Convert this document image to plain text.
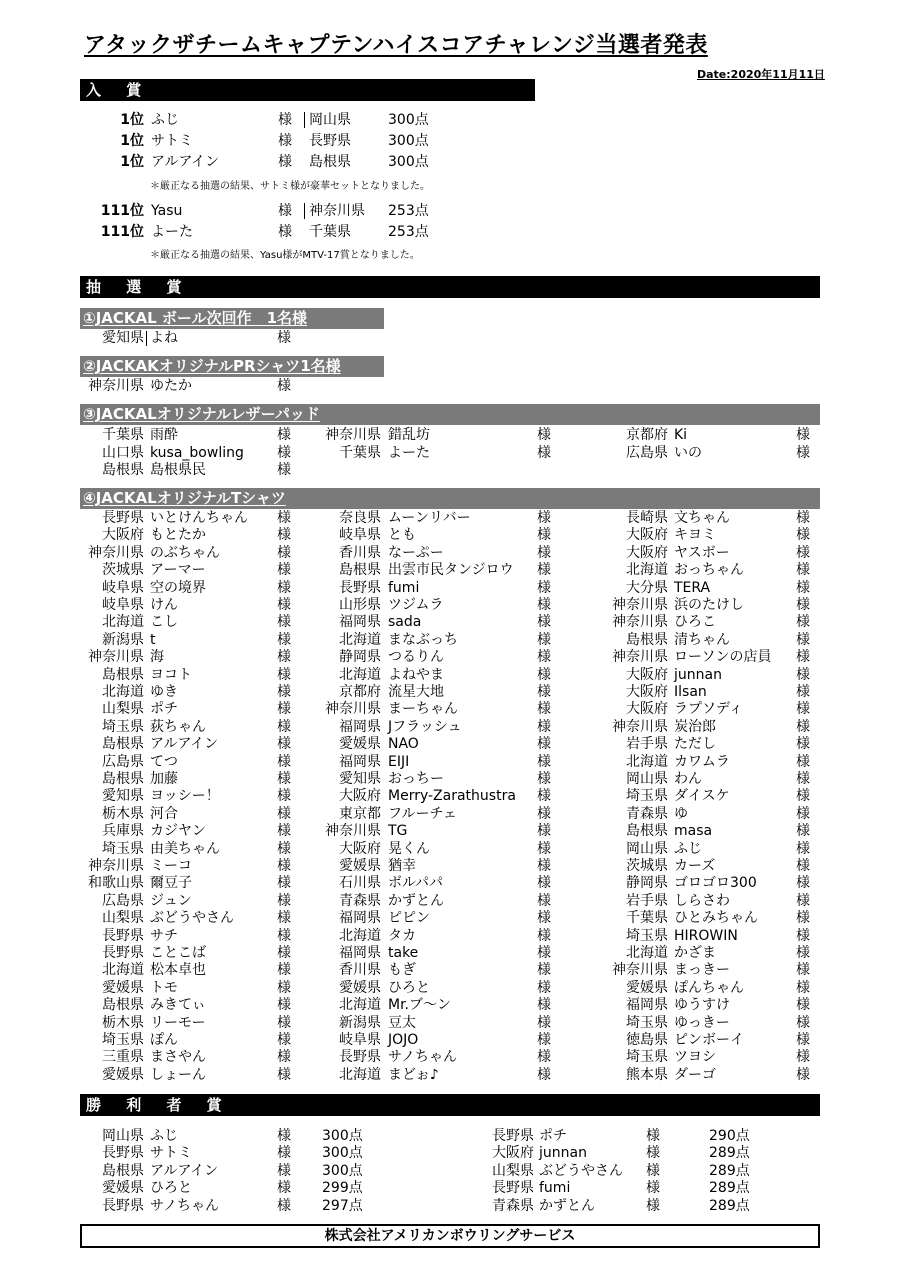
アタックザチームキャプテンハイスコアチャレンジ当選者発表
Date:2020年11月11日
入 賞
1位 ふじ	様 岡山県	300点
1位 サトミ	様 長野県	300点
1位 アルアイン	様 島根県	300点
＊厳正なる抽選の結果、サトミ様が豪華セットとなりました。
111位 Yasu	様 神奈川県 253点
111位 よーた	様 千葉県	253点
＊厳正なる抽選の結果、Yasu様がMTV-17賞となりました。
抽 選 賞
①JACKAL ボール次回作　1名様
愛知県 よね	様
②JACKAKオリジナルPRシャツ1名様
神奈川県 ゆたか	様
③JACKALオリジナルレザーパッド
千葉県 雨酔	様	神奈川県 錯乱坊	様	京都府 Ki	様
山口県 kusa_bowling 様	千葉県 よーた	様	広島県 いの	様
島根県 島根県民	様
④JACKALオリジナルTシャツ
長野県 いとけんちゃん 様	奈良県 ムーンリバー	様	長崎県 文ちゃん	様
大阪府 もとたか	様	岐阜県 とも	様	大阪府 キヨミ	様
神奈川県 のぶちゃん	様	香川県 なーぷー	様	大阪府 ヤスボー	様
茨城県 アーマー	様	島根県 出雲市民タンジロウ 様	北海道 おっちゃん	様
岐阜県 空の境界	様	長野県 fumi	様	大分県 TERA	様
岐阜県 けん	様	山形県 ツジムラ	様	神奈川県 浜のたけし	様
北海道 こし	様	福岡県 sada	様	神奈川県 ひろこ	様
新潟県 t	様	北海道 まなぶっち	様	島根県 清ちゃん	様
神奈川県 海	様	静岡県 つるりん	様	神奈川県 ローソンの店員 様
島根県 ヨコト	様	北海道 よねやま	様	大阪府 junnan	様
北海道 ゆき	様	京都府 流星大地	様	大阪府 Ilsan	様
山梨県 ポチ	様	神奈川県 まーちゃん	様	大阪府 ラプソディ	様
埼玉県 荻ちゃん	様	福岡県 Jフラッシュ	様	神奈川県 炭治郎	様
島根県 アルアイン	様	愛媛県 NAO	様	岩手県 ただし	様
広島県 てつ	様	福岡県 EIJI	様	北海道 カワムラ	様
島根県 加藤	様	愛知県 おっちー	様	岡山県 わん	様
愛知県 ヨッシー！	様	大阪府 Merry-Zarathustra 様	埼玉県 ダイスケ	様
栃木県 河合	様	東京都 フルーチェ	様	青森県 ゆ	様
兵庫県 カジヤン	様	神奈川県 TG	様	島根県 masa	様
埼玉県 由美ちゃん	様	大阪府 晃くん	様	岡山県 ふじ	様
神奈川県 ミーコ	様	愛媛県 猶幸	様	茨城県 カーズ	様
和歌山県 爾豆子	様	石川県 ボルパパ	様	静岡県 ゴロゴロ300	様
広島県 ジュン	様	青森県 かずとん	様	岩手県 しらさわ	様
山梨県 ぶどうやさん	様	福岡県 ピピン	様	千葉県 ひとみちゃん	様
長野県 サチ	様	北海道 タカ	様	埼玉県 HIROWIN	様
長野県 ことこば	様	福岡県 take	様	北海道 かざま	様
北海道 松本卓也	様	香川県 もぎ	様	神奈川県 まっきー	様
愛媛県 トモ	様	愛媛県 ひろと	様	愛媛県 ぽんちゃん	様
島根県 みきてぃ	様	北海道 Mr.ブ～ン	様	福岡県 ゆうすけ	様
栃木県 リーモー	様	新潟県 豆太	様	埼玉県 ゆっきー	様
埼玉県 ぽん	様	岐阜県 JOJO	様	徳島県 ピンボーイ	様
三重県 まさやん	様	長野県 サノちゃん	様	埼玉県 ツヨシ	様
愛媛県 しょーん	様	北海道 まどぉ♪	様	熊本県 ダーゴ	様
勝 利 者 賞
岡山県 ふじ	様 300点	長野県 ポチ	様	290点
長野県 サトミ	様 300点	大阪府 junnan	様	289点
島根県 アルアイン	様 300点	山梨県 ぶどうやさん 様	289点
愛媛県 ひろと	様 299点	長野県 fumi	様	289点
長野県 サノちゃん	様 297点	青森県 かずとん	様	289点
株式会社アメリカンボウリングサービス
